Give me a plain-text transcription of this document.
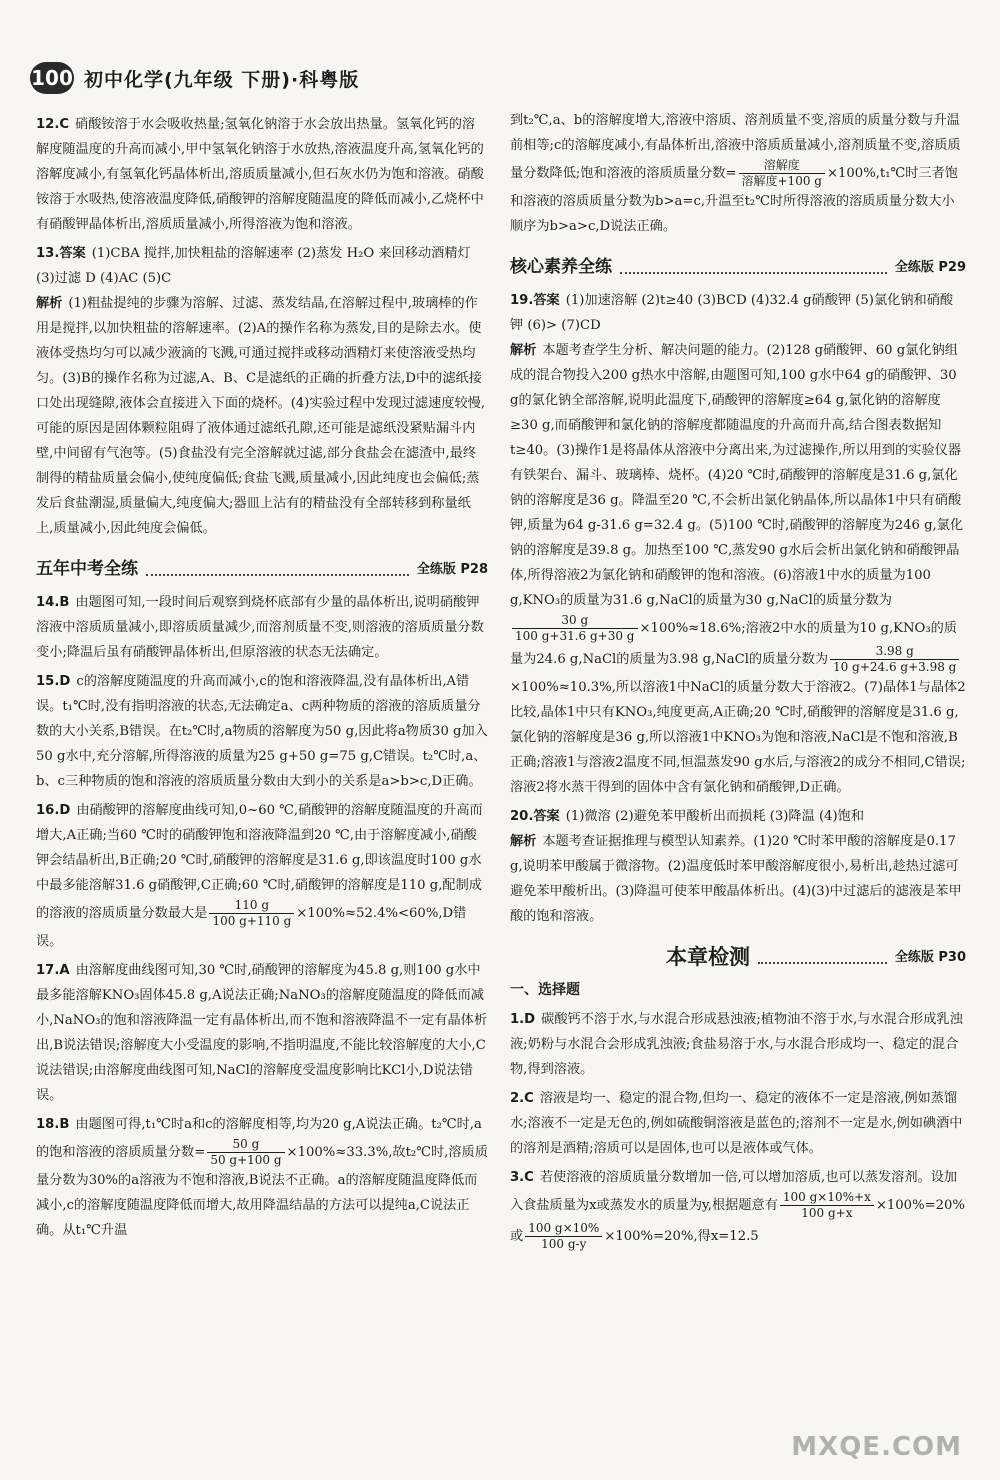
100 初中化学(九年级 下册)·科粤版

12.C 硝酸铵溶于水会吸收热量;氢氧化钠溶于水会放出热量。氢氧化钙的溶解度随温度的升高而减小,甲中氢氧化钠溶于水放热,溶液温度升高,氢氧化钙的溶解度减小,有氢氧化钙晶体析出,溶质质量减小,但石灰水仍为饱和溶液。硝酸铵溶于水吸热,使溶液温度降低,硝酸钾的溶解度随温度的降低而减小,乙烧杯中有硝酸钾晶体析出,溶质质量减小,所得溶液为饱和溶液。

13.答案 (1)CBA 搅拌,加快粗盐的溶解速率 (2)蒸发 H₂O 来回移动酒精灯 (3)过滤 D (4)AC (5)C

解析 (1)粗盐提纯的步骤为溶解、过滤、蒸发结晶,在溶解过程中,玻璃棒的作用是搅拌,以加快粗盐的溶解速率。(2)A的操作名称为蒸发,目的是除去水。使液体受热均匀可以减少液滴的飞溅,可通过搅拌或移动酒精灯来使溶液受热均匀。(3)B的操作名称为过滤,A、B、C是滤纸的正确的折叠方法,D中的滤纸接口处出现缝隙,液体会直接进入下面的烧杯。(4)实验过程中发现过滤速度较慢,可能的原因是固体颗粒阻碍了液体通过滤纸孔隙,还可能是滤纸没紧贴漏斗内壁,中间留有气泡等。(5)食盐没有完全溶解就过滤,部分食盐会在滤渣中,最终制得的精盐质量会偏小,使纯度偏低;食盐飞溅,质量减小,因此纯度也会偏低;蒸发后食盐潮湿,质量偏大,纯度偏大;器皿上沾有的精盐没有全部转移到称量纸上,质量减小,因此纯度会偏低。

五年中考全练	全练版 P28

14.B 由题图可知,一段时间后观察到烧杯底部有少量的晶体析出,说明硝酸钾溶液中溶质质量减小,即溶质质量减少,而溶剂质量不变,则溶液的溶质质量分数变小;降温后虽有硝酸钾晶体析出,但原溶液的状态无法确定。

15.D c的溶解度随温度的升高而减小,c的饱和溶液降温,没有晶体析出,A错误。t₁℃时,没有指明溶液的状态,无法确定a、c两种物质的溶液的溶质质量分数的大小关系,B错误。在t₂℃时,a物质的溶解度为50 g,因此将a物质30 g加入50 g水中,充分溶解,所得溶液的质量为25 g+50 g=75 g,C错误。t₂℃时,a、b、c三种物质的饱和溶液的溶质质量分数由大到小的关系是a>b>c,D正确。

16.D 由硝酸钾的溶解度曲线可知,0~60 ℃,硝酸钾的溶解度随温度的升高而增大,A正确;当60 ℃时的硝酸钾饱和溶液降温到20 ℃,由于溶解度减小,硝酸钾会结晶析出,B正确;20 ℃时,硝酸钾的溶解度是31.6 g,即该温度时100 g水中最多能溶解31.6 g硝酸钾,C正确;60 ℃时,硝酸钾的溶解度是110 g,配制成的溶液的溶质质量分数最大是 $\frac{110 g}{100 g+110 g} \times 100\%\approx 52.4\%<60\%,D$错误。

17.A 由溶解度曲线图可知,30 ℃时,硝酸钾的溶解度为45.8 g,则100 g水中最多能溶解KNO₃固体45.8 g,A说法正确;NaNO₃的溶解度随温度的降低而减小,NaNO₃的饱和溶液降温一定有晶体析出,而不饱和溶液降温不一定有晶体析出,B说法错误;溶解度大小受温度的影响,不指明温度,不能比较溶解度的大小,C说法错误;由溶解度曲线图可知,NaCl的溶解度受温度影响比KCl小,D说法错误。

18.B 由题图可得,t₁℃时a和c的溶解度相等,均为20 g,A说法正确。t₂℃时,a的饱和溶液的溶质质量分数= $\frac{50 g}{50 g+100 g} \times 100\%\approx 33.3\%$,故t₂℃时,溶质质量分数为30%的a溶液为不饱和溶液,B说法不正确。a的溶解度随温度降低而减小,c的溶解度随温度降低而增大,故用降温结晶的方法可以提纯a,C说法正确。从t₁℃升温

到t₂℃,a、b的溶解度增大,溶液中溶质、溶剂质量不变,溶质的质量分数与升温前相等;c的溶解度减小,有晶体析出,溶液中溶质质量减小,溶剂质量不变,溶质质量分数降低;饱和溶液的溶质质量分数= $\frac{\text{溶解度}}{\text{溶解度+100 g}}$ ×100%,t₁℃时三者饱和溶液的溶质质量分数为b>a=c,升温至t₂℃时所得溶液的溶质质量分数大小顺序为b>a>c,D说法正确。

核心素养全练	全练版 P29

19.答案 (1)加速溶解 (2)t≥40 (3)BCD (4)32.4 g硝酸钾 (5)氯化钠和硝酸钾 (6)> (7)CD

解析 本题考查学生分析、解决问题的能力。(2)128 g硝酸钾、60 g氯化钠组成的混合物投入200 g热水中溶解,由题图可知,100 g水中64 g的硝酸钾、30 g的氯化钠全部溶解,说明此温度下,硝酸钾的溶解度≥64 g,氯化钠的溶解度≥30 g,而硝酸钾和氯化钠的溶解度都随温度的升高而升高,结合图表数据知t≥40。(3)操作1是将晶体从溶液中分离出来,为过滤操作,所以用到的实验仪器有铁架台、漏斗、玻璃棒、烧杯。(4)20 ℃时,硝酸钾的溶解度是31.6 g,氯化钠的溶解度是36 g。降温至20 ℃,不会析出氯化钠晶体,所以晶体1中只有硝酸钾,质量为64 g-31.6 g=32.4 g。(5)100 ℃时,硝酸钾的溶解度为246 g,氯化钠的溶解度是39.8 g。加热至100 ℃,蒸发90 g水后会析出氯化钠和硝酸钾晶体,所得溶液2为氯化钠和硝酸钾的饱和溶液。(6)溶液1中水的质量为100 g,KNO₃的质量为31.6 g,NaCl的质量为30 g,NaCl的质量分数为
$\frac{30 g}{100 g+31.6 g+30 g} \times 100\%\approx 18.6\%$;溶液2中水的质量为10 g,KNO₃的质量为24.6 g,NaCl的质量为3.98 g,NaCl的质量分数为 $\frac{3.98 g}{10 g+24.6 g+3.98 g}$
×100%≈10.3%,所以溶液1中NaCl的质量分数大于溶液2。(7)晶体1与晶体2比较,晶体1中只有KNO₃,纯度更高,A正确;20 ℃时,硝酸钾的溶解度是31.6 g,氯化钠的溶解度是36 g,所以溶液1中KNO₃为饱和溶液,NaCl是不饱和溶液,B正确;溶液1与溶液2温度不同,恒温蒸发90 g水后,与溶液2的成分不相同,C错误;溶液2将水蒸干得到的固体中含有氯化钠和硝酸钾,D正确。

20.答案 (1)微溶 (2)避免苯甲酸析出而损耗 (3)降温 (4)饱和

解析 本题考查证据推理与模型认知素养。(1)20 ℃时苯甲酸的溶解度是0.17 g,说明苯甲酸属于微溶物。(2)温度低时苯甲酸溶解度很小,易析出,趁热过滤可避免苯甲酸析出。(3)降温可使苯甲酸晶体析出。(4)(3)中过滤后的滤液是苯甲酸的饱和溶液。

本章检测	全练版 P30
一、选择题

1.D 碳酸钙不溶于水,与水混合形成悬浊液;植物油不溶于水,与水混合形成乳浊液;奶粉与水混合会形成乳浊液;食盐易溶于水,与水混合形成均一、稳定的混合物,得到溶液。

2.C 溶液是均一、稳定的混合物,但均一、稳定的液体不一定是溶液,例如蒸馏水;溶液不一定是无色的,例如硫酸铜溶液是蓝色的;溶剂不一定是水,例如碘酒中的溶剂是酒精;溶质可以是固体,也可以是液体或气体。

3.C 若使溶液的溶质质量分数增加一倍,可以增加溶质,也可以蒸发溶剂。设加入食盐质量为x或蒸发水的质量为y,根据题意有 $\frac{100 g\times 10\%+x}{100 g+x} \times 100\%=20\%$或 $\frac{100 g\times 10\%}{100 g-y} \times 100\%=20\%$,得x=12.5

MXQE.COM
